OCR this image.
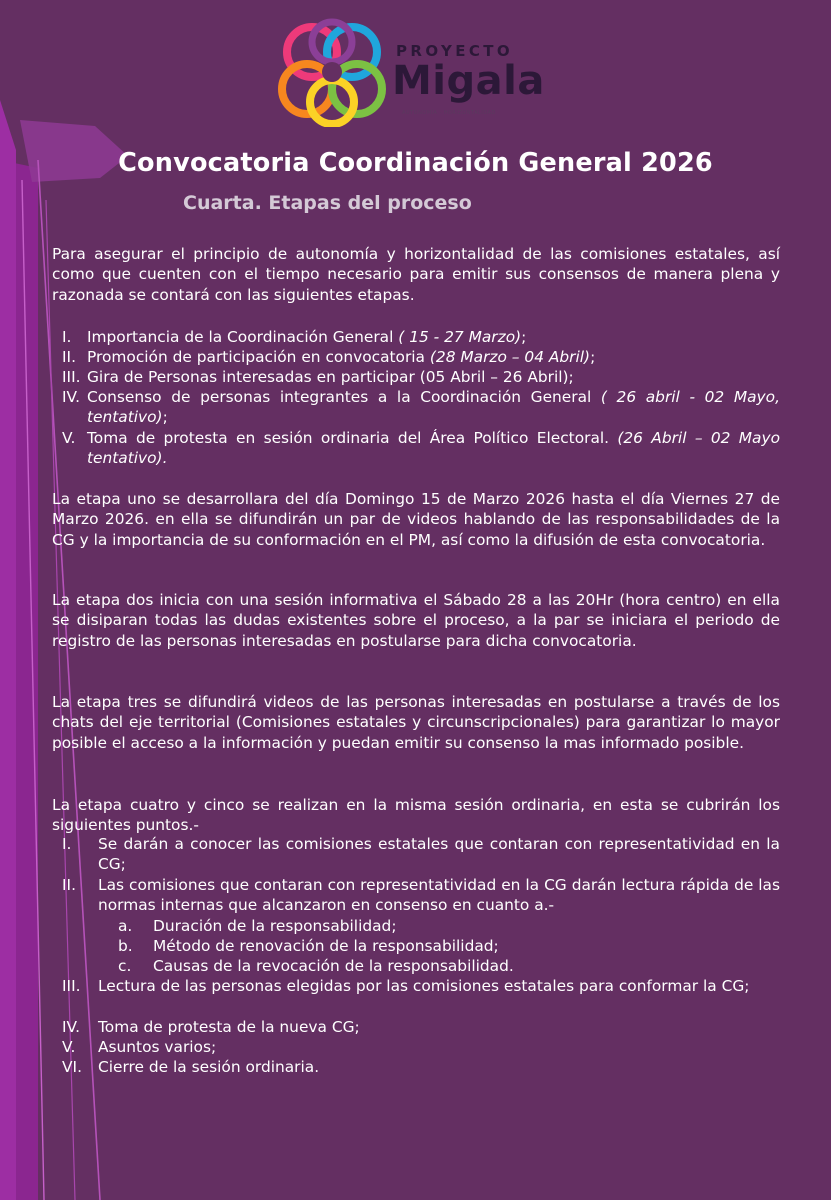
PROYECTO
Migala
AUTONOMÍA · HORIZONTALIDAD
Convocatoria Coordinación General 2026
Cuarta. Etapas del proceso
Para asegurar el principio de autonomía y horizontalidad de las comisiones estatales, así como que cuenten con el tiempo necesario para emitir sus consensos de manera plena y razonada se contará con las siguientes etapas.
I. Importancia de la Coordinación General ( 15 - 27 Marzo);
II. Promoción de participación en convocatoria (28 Marzo – 04 Abril);
III. Gira de Personas interesadas en participar (05 Abril – 26 Abril);
IV. Consenso de personas integrantes a la Coordinación General ( 26 abril - 02 Mayo, tentativo);
V. Toma de protesta en sesión ordinaria del Área Político Electoral. (26 Abril – 02 Mayo tentativo).
La etapa uno se desarrollara del día Domingo 15 de Marzo 2026 hasta el día Viernes 27 de Marzo 2026. en ella se difundirán un par de videos hablando de las responsabilidades de la CG y la importancia de su conformación en el PM, así como la difusión de esta convocatoria.
La etapa dos inicia con una sesión informativa el Sábado 28 a las 20Hr (hora centro) en ella se disiparan todas las dudas existentes sobre el proceso, a la par se iniciara el periodo de registro de las personas interesadas en postularse para dicha convocatoria.
La etapa tres se difundirá videos de las personas interesadas en postularse a través de los chats del eje territorial (Comisiones estatales y circunscripcionales) para garantizar lo mayor posible el acceso a la información y puedan emitir su consenso la mas informado posible.
La etapa cuatro y cinco se realizan en la misma sesión ordinaria, en esta se cubrirán los siguientes puntos.-
I. Se darán a conocer las comisiones estatales que contaran con representatividad en la CG;
II. Las comisiones que contaran con representatividad en la CG darán lectura rápida de las normas internas que alcanzaron en consenso en cuanto a.-
a. Duración de la responsabilidad;
b. Método de renovación de la responsabilidad;
c. Causas de la revocación de la responsabilidad.
III. Lectura de las personas elegidas por las comisiones estatales para conformar la CG;
IV. Toma de protesta de la nueva CG;
V. Asuntos varios;
VI. Cierre de la sesión ordinaria.
